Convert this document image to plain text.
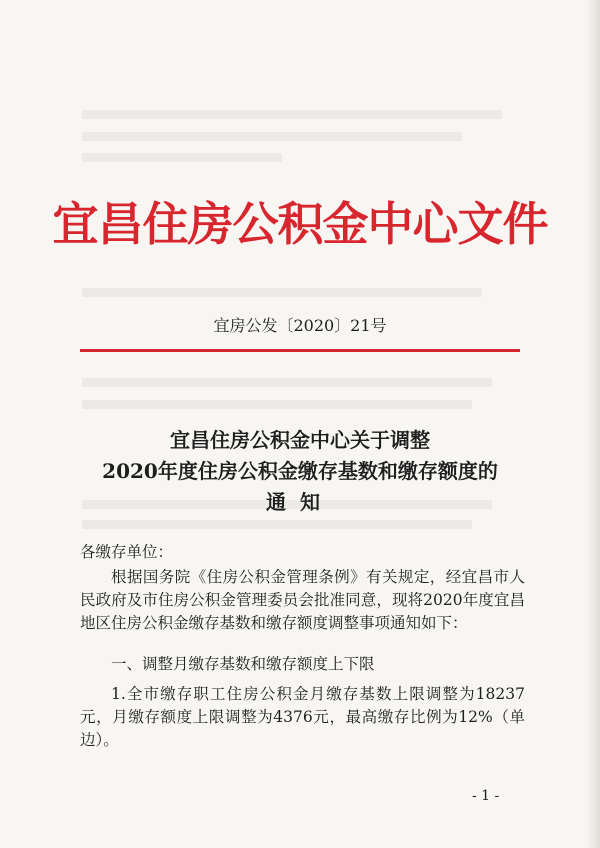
宜昌住房公积金中心文件
宜房公发〔2020〕21号
宜昌住房公积金中心关于调整
2020年度住房公积金缴存基数和缴存额度的
通知
各缴存单位：
根据国务院《住房公积金管理条例》有关规定，经宜昌市人民政府及市住房公积金管理委员会批准同意，现将2020年度宜昌地区住房公积金缴存基数和缴存额度调整事项通知如下：
一、调整月缴存基数和缴存额度上下限
1.全市缴存职工住房公积金月缴存基数上限调整为18237元，月缴存额度上限调整为4376元，最高缴存比例为12%（单边）。
- 1 -
